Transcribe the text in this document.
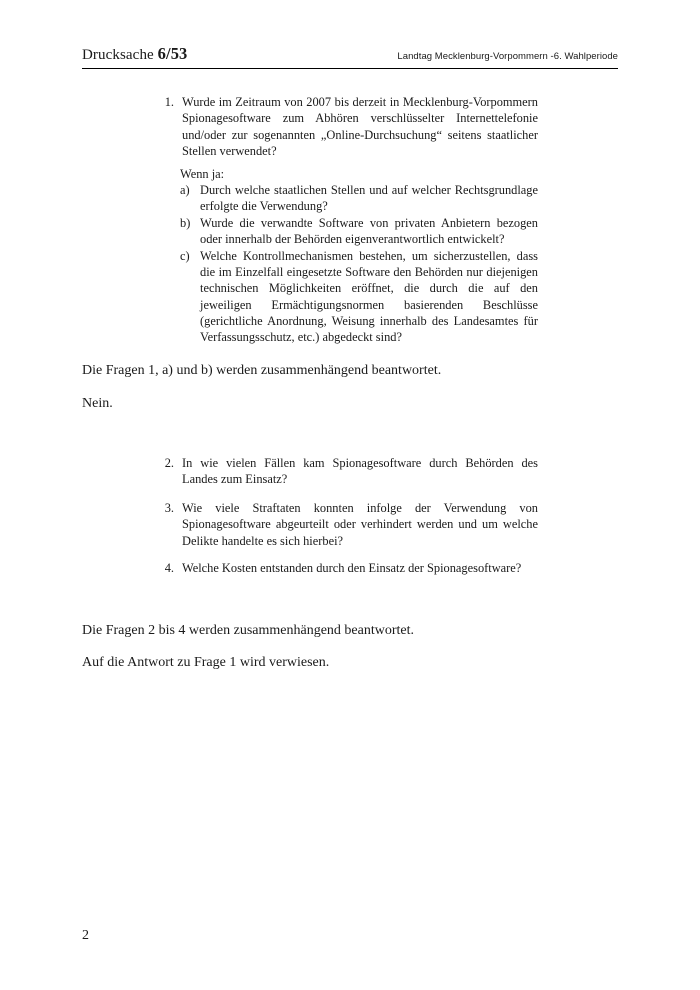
Drucksache 6/53	Landtag Mecklenburg-Vorpommern -6. Wahlperiode
1. Wurde im Zeitraum von 2007 bis derzeit in Mecklenburg-Vorpommern Spionagesoftware zum Abhören verschlüsselter Internettelefonie und/oder zur sogenannten „Online-Durchsuchung“ seitens staatlicher Stellen verwendet?
Wenn ja:
a) Durch welche staatlichen Stellen und auf welcher Rechtsgrundlage erfolgte die Verwendung?
b) Wurde die verwandte Software von privaten Anbietern bezogen oder innerhalb der Behörden eigenverantwortlich entwickelt?
c) Welche Kontrollmechanismen bestehen, um sicherzustellen, dass die im Einzelfall eingesetzte Software den Behörden nur diejenigen technischen Möglichkeiten eröffnet, die durch die auf den jeweiligen Ermächtigungsnormen basierenden Beschlüsse (gerichtliche Anordnung, Weisung innerhalb des Landesamtes für Verfassungsschutz, etc.) abgedeckt sind?
Die Fragen 1, a) und b) werden zusammenhängend beantwortet.
Nein.
2. In wie vielen Fällen kam Spionagesoftware durch Behörden des Landes zum Einsatz?
3. Wie viele Straftaten konnten infolge der Verwendung von Spionagesoftware abgeurteilt oder verhindert werden und um welche Delikte handelte es sich hierbei?
4. Welche Kosten entstanden durch den Einsatz der Spionagesoftware?
Die Fragen 2 bis 4 werden zusammenhängend beantwortet.
Auf die Antwort zu Frage 1 wird verwiesen.
2
